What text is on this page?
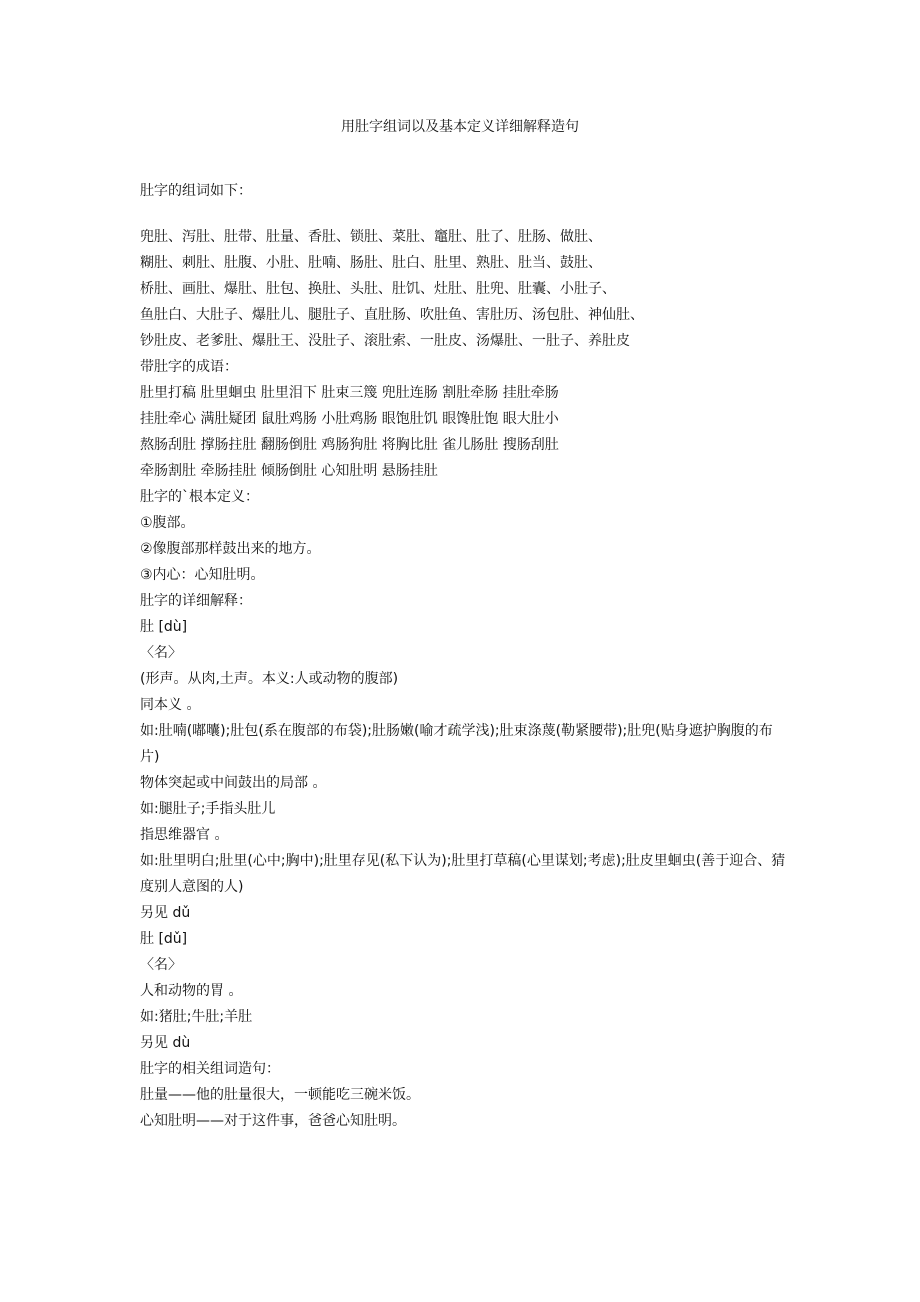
用肚字组词以及基本定义详细解释造句
肚字的组词如下：
兜肚、泻肚、肚带、肚量、香肚、锁肚、菜肚、竈肚、肚了、肚肠、做肚、
糊肚、刺肚、肚腹、小肚、肚喃、肠肚、肚白、肚里、熟肚、肚当、鼓肚、
桥肚、画肚、爆肚、肚包、换肚、头肚、肚饥、灶肚、肚兜、肚囊、小肚子、
鱼肚白、大肚子、爆肚儿、腿肚子、直肚肠、吹肚鱼、害肚历、汤包肚、神仙肚、
钞肚皮、老爹肚、爆肚王、没肚子、滚肚索、一肚皮、汤爆肚、一肚子、养肚皮
带肚字的成语：
肚里打稿 肚里蛔虫 肚里泪下 肚束三篾 兜肚连肠 割肚牵肠 挂肚牵肠
挂肚牵心 满肚疑团 鼠肚鸡肠 小肚鸡肠 眼饱肚饥 眼馋肚饱 眼大肚小
熬肠刮肚 撑肠拄肚 翻肠倒肚 鸡肠狗肚 将胸比肚 雀儿肠肚 搜肠刮肚
牵肠割肚 牵肠挂肚 倾肠倒肚 心知肚明 悬肠挂肚
肚字的`根本定义：
①腹部。
②像腹部那样鼓出来的地方。
③内心：心知肚明。
肚字的详细解释：
肚 [dù]
〈名〉
(形声。从肉,土声。本义:人或动物的腹部)
同本义 。
如:肚喃(嘟囔);肚包(系在腹部的布袋);肚肠嫩(喻才疏学浅);肚束涤蔑(勒紧腰带);肚兜(贴身遮护胸腹的布片)
物体突起或中间鼓出的局部 。
如:腿肚子;手指头肚儿
指思维器官 。
如:肚里明白;肚里(心中;胸中);肚里存见(私下认为);肚里打草稿(心里谋划;考虑);肚皮里蛔虫(善于迎合、猜度别人意图的人)
另见 dǔ
肚 [dǔ]
〈名〉
人和动物的胃 。
如:猪肚;牛肚;羊肚
另见 dù
肚字的相关组词造句：
肚量——他的肚量很大，一顿能吃三碗米饭。
心知肚明——对于这件事，爸爸心知肚明。
